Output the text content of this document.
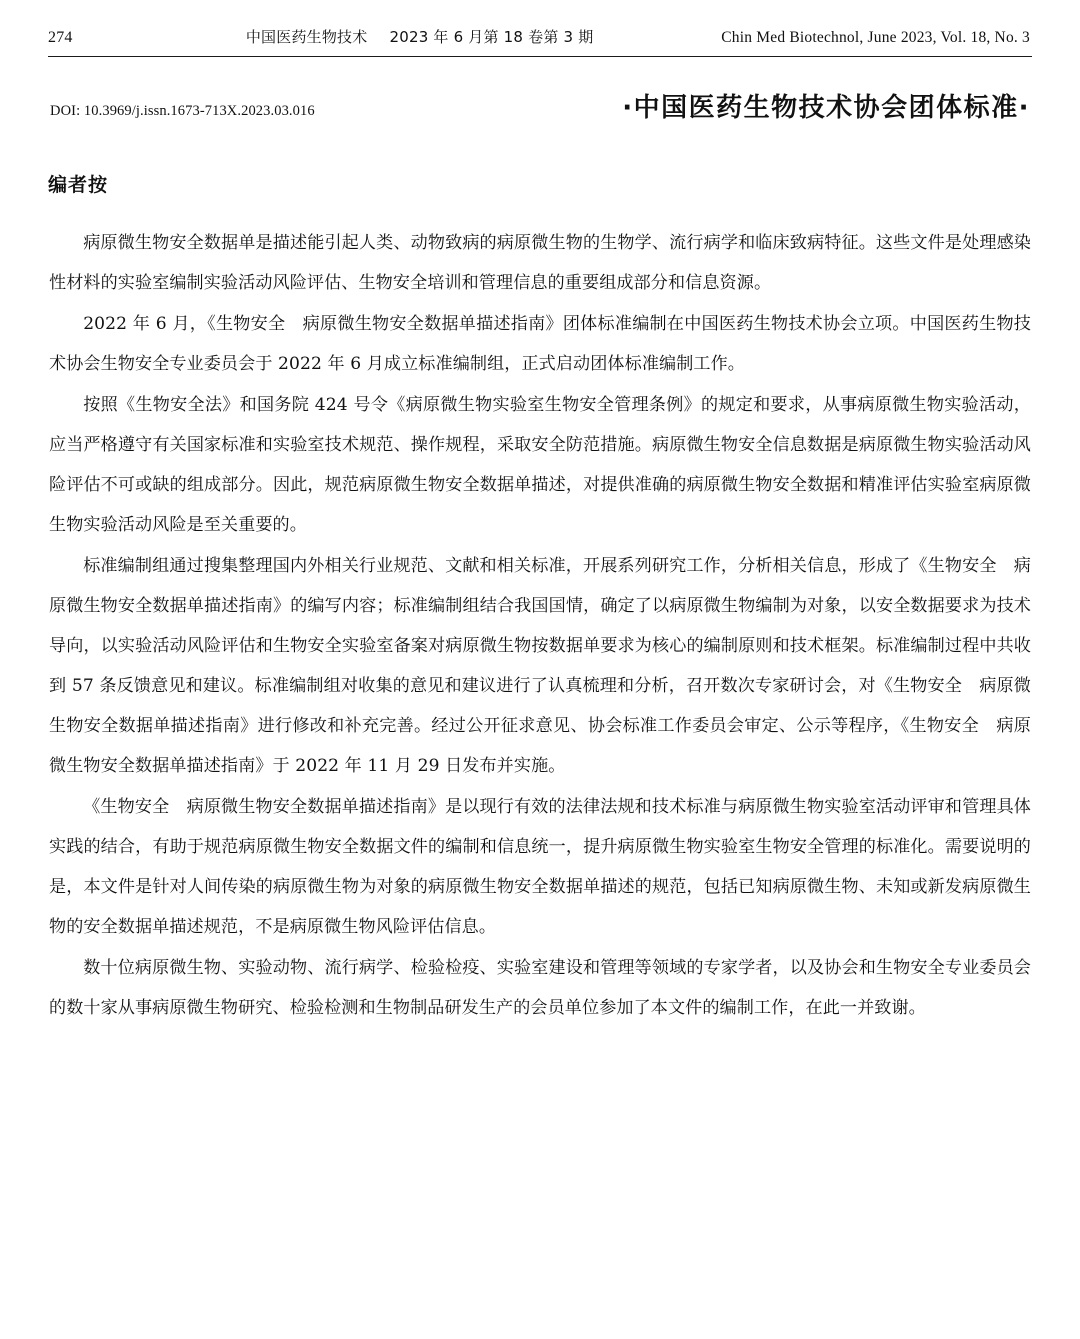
274	中国医药生物技术 2023 年 6 月第 18 卷第 3 期	Chin Med Biotechnol, June 2023, Vol. 18, No. 3
DOI: 10.3969/j.issn.1673-713X.2023.03.016	·中国医药生物技术协会团体标准·
编者按

病原微生物安全数据单是描述能引起人类、动物致病的病原微生物的生物学、流行病学和临床致病特征。这些文件是处理感染性材料的实验室编制实验活动风险评估、生物安全培训和管理信息的重要组成部分和信息资源。

2022 年 6 月，《生物安全　病原微生物安全数据单描述指南》团体标准编制在中国医药生物技术协会立项。中国医药生物技术协会生物安全专业委员会于 2022 年 6 月成立标准编制组，正式启动团体标准编制工作。

按照《生物安全法》和国务院 424 号令《病原微生物实验室生物安全管理条例》的规定和要求，从事病原微生物实验活动，应当严格遵守有关国家标准和实验室技术规范、操作规程，采取安全防范措施。病原微生物安全信息数据是病原微生物实验活动风险评估不可或缺的组成部分。因此，规范病原微生物安全数据单描述，对提供准确的病原微生物安全数据和精准评估实验室病原微生物实验活动风险是至关重要的。

标准编制组通过搜集整理国内外相关行业规范、文献和相关标准，开展系列研究工作，分析相关信息，形成了《生物安全　病原微生物安全数据单描述指南》的编写内容；标准编制组结合我国国情，确定了以病原微生物编制为对象，以安全数据要求为技术导向，以实验活动风险评估和生物安全实验室备案对病原微生物按数据单要求为核心的编制原则和技术框架。标准编制过程中共收到 57 条反馈意见和建议。标准编制组对收集的意见和建议进行了认真梳理和分析，召开数次专家研讨会，对《生物安全　病原微生物安全数据单描述指南》进行修改和补充完善。经过公开征求意见、协会标准工作委员会审定、公示等程序，《生物安全　病原微生物安全数据单描述指南》于 2022 年 11 月 29 日发布并实施。

《生物安全　病原微生物安全数据单描述指南》是以现行有效的法律法规和技术标准与病原微生物实验室活动评审和管理具体实践的结合，有助于规范病原微生物安全数据文件的编制和信息统一，提升病原微生物实验室生物安全管理的标准化。需要说明的是，本文件是针对人间传染的病原微生物为对象的病原微生物安全数据单描述的规范，包括已知病原微生物、未知或新发病原微生物的安全数据单描述规范，不是病原微生物风险评估信息。

数十位病原微生物、实验动物、流行病学、检验检疫、实验室建设和管理等领域的专家学者，以及协会和生物安全专业委员会的数十家从事病原微生物研究、检验检测和生物制品研发生产的会员单位参加了本文件的编制工作，在此一并致谢。
